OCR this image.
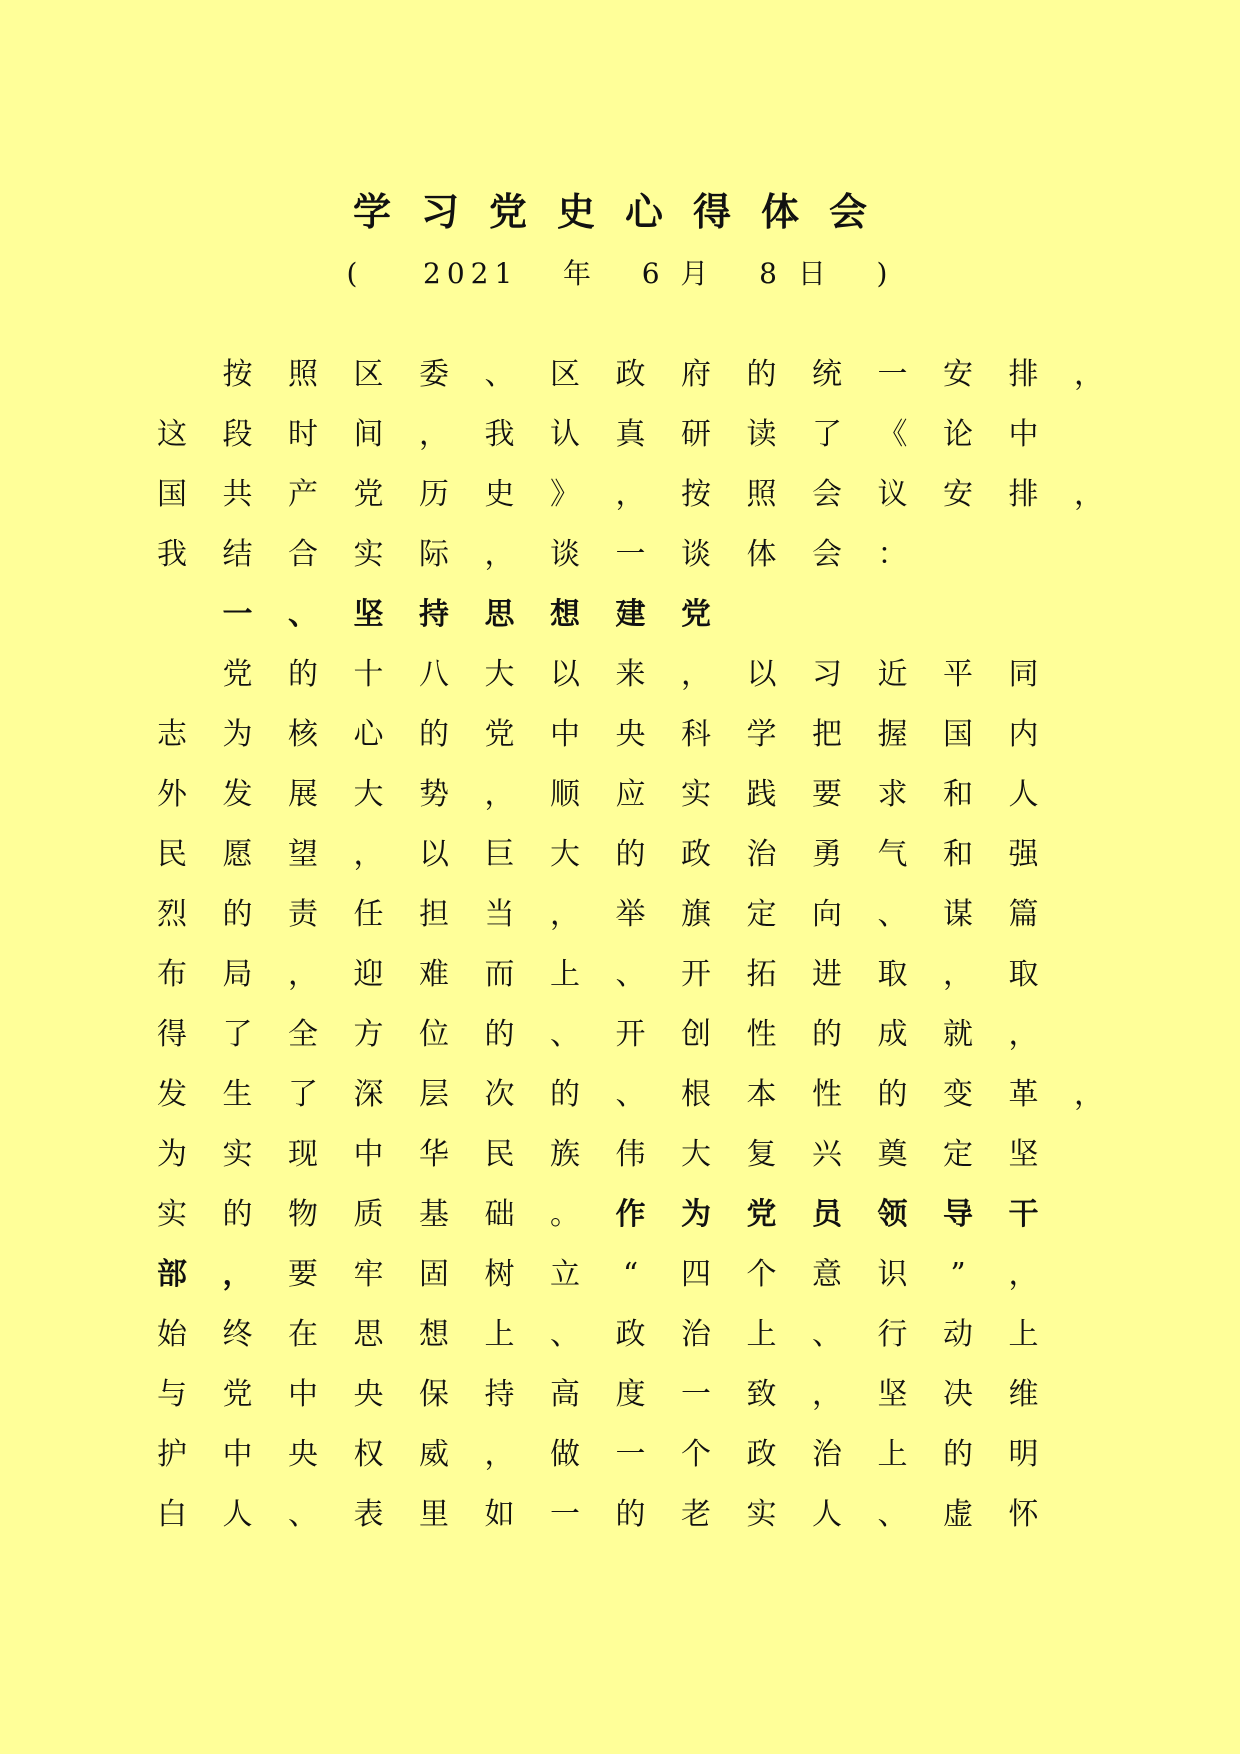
学习党史心得体会
(    2021   年   6 月   8 日   )
按 照 区 委 、 区 政 府 的 统 一 安 排 ，
这 段 时 间 ， 我 认 真 研 读 了 《 论 中
国 共 产 党 历 史 》 ， 按 照 会 议 安 排 ，
我 结 合 实 际 ， 谈 一 谈 体 会 ：
一 、 坚 持 思 想 建 党
党 的 十 八 大 以 来 ， 以 习 近 平 同
志 为 核 心 的 党 中 央 科 学 把 握 国 内
外 发 展 大 势 ， 顺 应 实 践 要 求 和 人
民 愿 望 ， 以 巨 大 的 政 治 勇 气 和 强
烈 的 责 任 担 当 ， 举 旗 定 向 、 谋 篇
布 局 ， 迎 难 而 上 、 开 拓 进 取 ， 取
得 了 全 方 位 的 、 开 创 性 的 成 就 ，
发 生 了 深 层 次 的 、 根 本 性 的 变 革 ，
为 实 现 中 华 民 族 伟 大 复 兴 奠 定 坚
实 的 物 质 基 础 。 作 为 党 员 领 导 干
部 ， 要 牢 固 树 立	“	四 个 意 识	”	，
始 终 在 思 想 上 、 政 治 上 、 行 动 上
与 党 中 央 保 持 高 度 一 致 ， 坚 决 维
护 中 央 权 威 ， 做 一 个 政 治 上 的 明
白 人 、 表 里 如 一 的 老 实 人 、 虚 怀
